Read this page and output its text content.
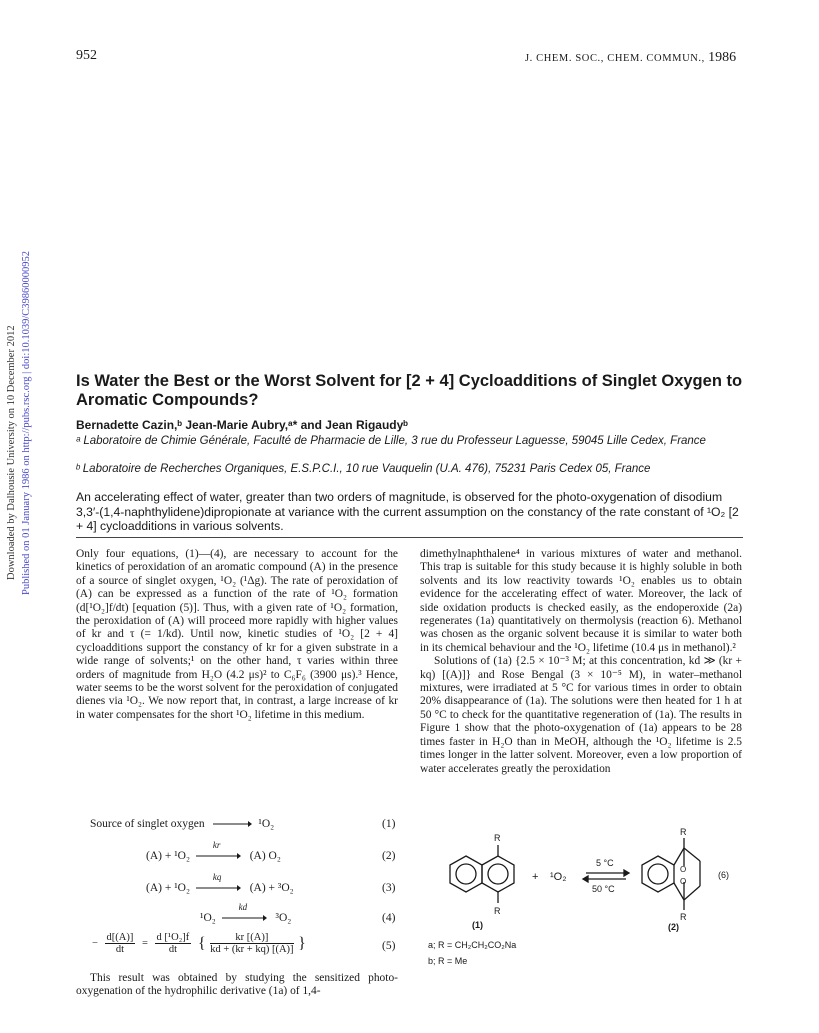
952	J. CHEM. SOC., CHEM. COMMUN., 1986
Downloaded by Dalhousie University on 10 December 2012 Published on 01 January 1986 on http://pubs.rsc.org | doi:10.1039/C39860000952	Is Water the Best or the Worst Solvent for [2 + 4] Cycloadditions of Singlet Oxygen to Aromatic Compounds?
Bernadette Cazin,ᵇ Jean-Marie Aubry,ᵃ* and Jean Rigaudyᵇ
ᵃ Laboratoire de Chimie Générale, Faculté de Pharmacie de Lille, 3 rue du Professeur Laguesse, 59045 Lille Cedex, France
ᵇ Laboratoire de Recherches Organiques, E.S.P.C.I., 10 rue Vauquelin (U.A. 476), 75231 Paris Cedex 05, France
An accelerating effect of water, greater than two orders of magnitude, is observed for the photo-oxygenation of disodium 3,3′-(1,4-naphthylidene)dipropionate at variance with the current assumption on the constancy of the rate constant of ¹O₂ [2 + 4] cycloadditions in various solvents.

Only four equations, (1)—(4), are necessary to account for the kinetics of peroxidation of an aromatic compound (A) in the presence of a source of singlet oxygen, ¹O₂ (¹Δg). The rate of peroxidation of (A) can be expressed as a function of the rate of ¹O₂ formation (d[¹O₂]f/dt) [equation (5)]. Thus, with a given rate of ¹O₂ formation, the peroxidation of (A) will proceed more rapidly with higher values of kr and τ (= 1/kd). Until now, kinetic studies of ¹O₂ [2 + 4] cycloadditions support the constancy of kr for a given substrate in a wide range of solvents;¹ on the other hand, τ varies within three orders of magnitude from H₂O (4.2 μs)² to C₆F₆ (3900 μs).³ Hence, water seems to be the worst solvent for the peroxidation of conjugated dienes via ¹O₂. We now report that, in contrast, a large increase of kr in water compensates for the short ¹O₂ lifetime in this medium.

Source of singlet oxygen	¹O₂	(1)
(A) + ¹O₂
kr
(A) O₂	(2)
(A) + ¹O₂
kq
(A) + ³O₂	(3)
¹O₂
kd
³O₂	(4)
− $\frac{d[(A)]}{dt} = \frac{\text{d [¹O₂]f}}{dt}$ { $\frac{kr [(A)]}{kd + (kr + kq) [(A)]}$ }	(5)
This result was obtained by studying the sensitized photo-oxygenation of the hydrophilic derivative (1a) of 1,4-

dimethylnaphthalene⁴ in various mixtures of water and methanol. This trap is suitable for this study because it is highly soluble in both solvents and its low reactivity towards ¹O₂ enables us to obtain evidence for the accelerating effect of water. Moreover, the lack of side oxidation products is checked easily, as the endoperoxide (2a) regenerates (1a) quantitatively on thermolysis (reaction 6). Methanol was chosen as the organic solvent because it is similar to water both in its chemical behaviour and the ¹O₂ lifetime (10.4 μs in methanol).²

Solutions of (1a) {2.5 × 10⁻³ M; at this concentration, kd ≫ (kr + kq) [(A)]} and Rose Bengal (3 × 10⁻⁵ M), in water–methanol mixtures, were irradiated at 5 °C for various times in order to obtain 20% disappearance of (1a). The solutions were then heated for 1 h at 50 °C to check for the quantitative regeneration of (1a). The results in Figure 1 show that the photo-oxygenation of (1a) appears to be 28 times faster in H₂O than in MeOH, although the ¹O₂ lifetime is 2.5 times longer in the latter solvent. Moreover, even a low proportion of water accelerates greatly the peroxidation

R
R
R
R
+ ¹O₂
5 °C
50 °C
O
O
(6)
(1)	(2)
a; R = CH₂CH₂CO₂Na
b; R = Me
